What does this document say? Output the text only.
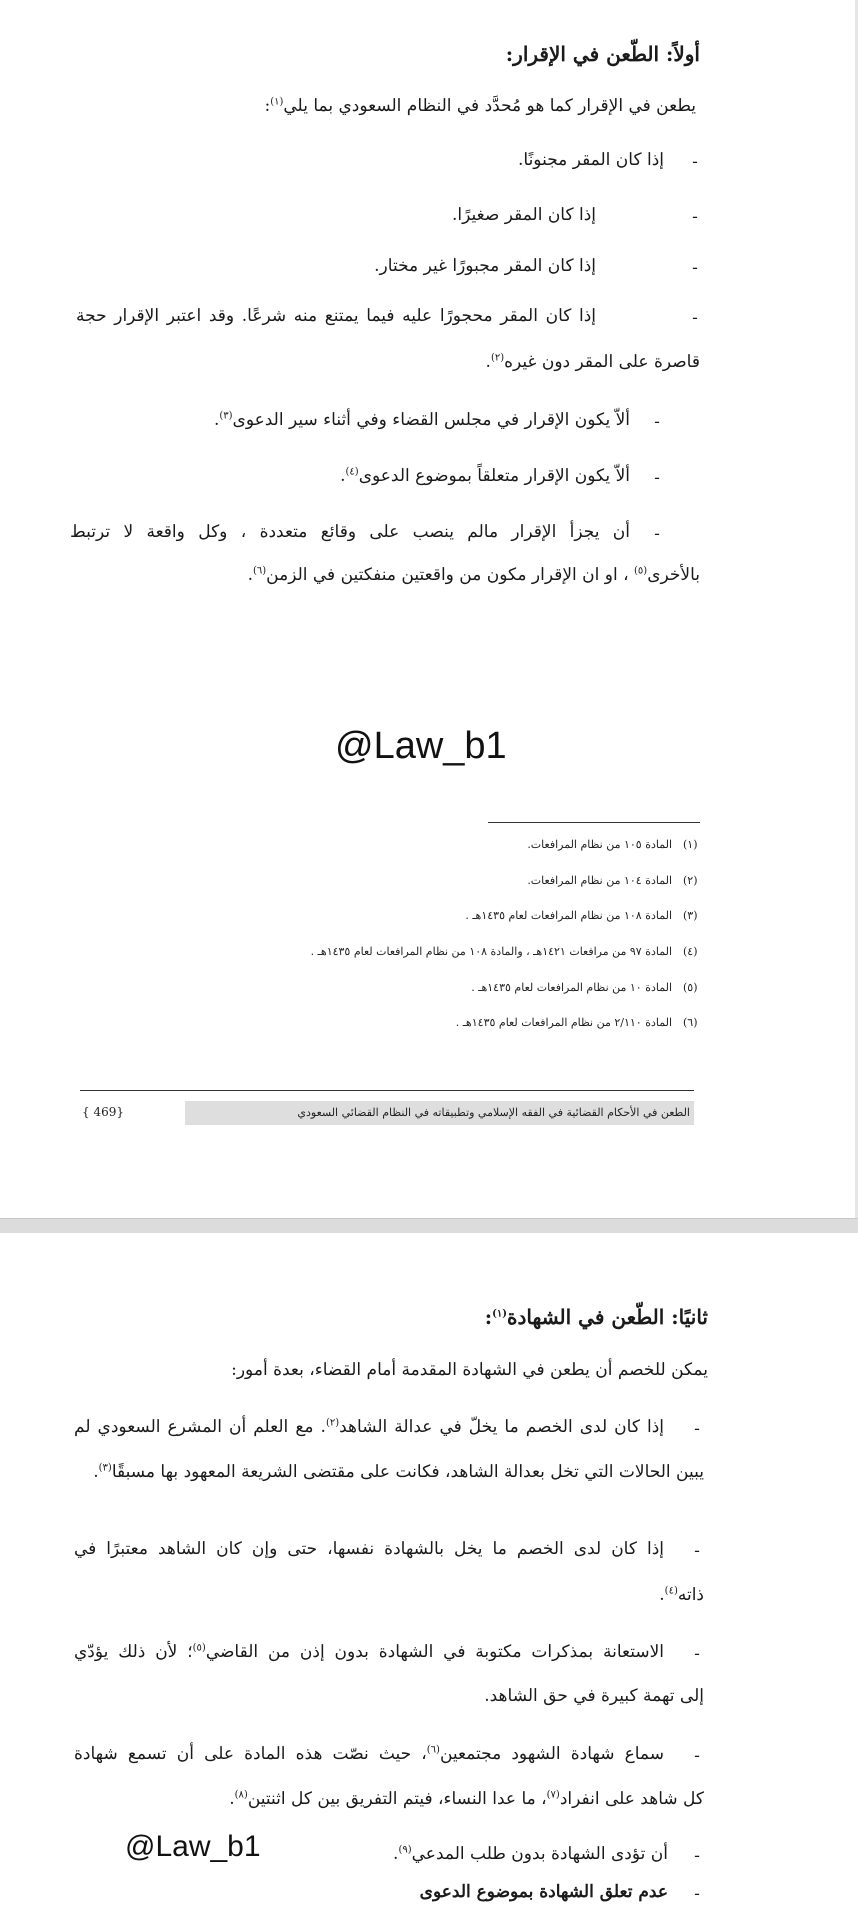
أولاً: الطّعن في الإقرار:
يطعن في الإقرار كما هو مُحدَّد في النظام السعودي بما يلي$^{(١)}$:
-
إذا كان المقر مجنونًا.
-
إذا كان المقر صغيرًا.
-
إذا كان المقر مجبورًا غير مختار.
-
إذا كان المقر محجورًا عليه فيما يمتنع منه شرعًا. وقد اعتبر الإقرار حجة
قاصرة على المقر دون غيره$^{(٢)}$.
-
ألاّ يكون الإقرار في مجلس القضاء وفي أثناء سير الدعوى$^{(٣)}$.
-
ألاّ يكون الإقرار متعلقاً بموضوع الدعوى$^{(٤)}$.
-
أن يجزأ الإقرار مالم ينصب على وقائع متعددة ، وكل واقعة لا ترتبط
بالأخرى$^{(٥)}$ ، او ان الإقرار مكون من واقعتين منفكتين في الزمن$^{(٦)}$.
@Law_b1
المادة ١٠٥ من نظام المرافعات. (١)
المادة ١٠٤ من نظام المرافعات. (٢)
المادة ١٠٨ من نظام المرافعات لعام ١٤٣٥هـ . (٣)
المادة ٩٧ من مرافعات ١٤٢١هـ ، والمادة ١٠٨ من نظام المرافعات لعام ١٤٣٥هـ . (٤)
المادة ١٠ من نظام المرافعات لعام ١٤٣٥هـ . (٥)
المادة ٢/١١٠ من نظام المرافعات لعام ١٤٣٥هـ . (٦)
الطعن في الأحكام القضائية في الفقه الإسلامي وتطبيقاته في النظام القضائي السعودي
{ 469}
ثانيًا: الطّعن في الشهادة$^{(١)}$:
يمكن للخصم أن يطعن في الشهادة المقدمة أمام القضاء، بعدة أمور:
-
إذا كان لدى الخصم ما يخلّ في عدالة الشاهد$^{(٢)}$. مع العلم أن المشرع السعودي لم
يبين الحالات التي تخل بعدالة الشاهد، فكانت على مقتضى الشريعة المعهود بها مسبقًا$^{(٣)}$.
-
إذا كان لدى الخصم ما يخل بالشهادة نفسها، حتى وإن كان الشاهد معتبرًا في
ذاته$^{(٤)}$.
-
الاستعانة بمذكرات مكتوبة في الشهادة بدون إذن من القاضي$^{(٥)}$؛ لأن ذلك يؤدّي
إلى تهمة كبيرة في حق الشاهد.
-
سماع شهادة الشهود مجتمعين$^{(٦)}$، حيث نصّت هذه المادة على أن تسمع شهادة
كل شاهد على انفراد$^{(٧)}$، ما عدا النساء، فيتم التفريق بين كل اثنتين$^{(٨)}$.
-
أن تؤدى الشهادة بدون طلب المدعي$^{(٩)}$.
-
عدم تعلق الشهادة بموضوع الدعوى
@Law_b1
